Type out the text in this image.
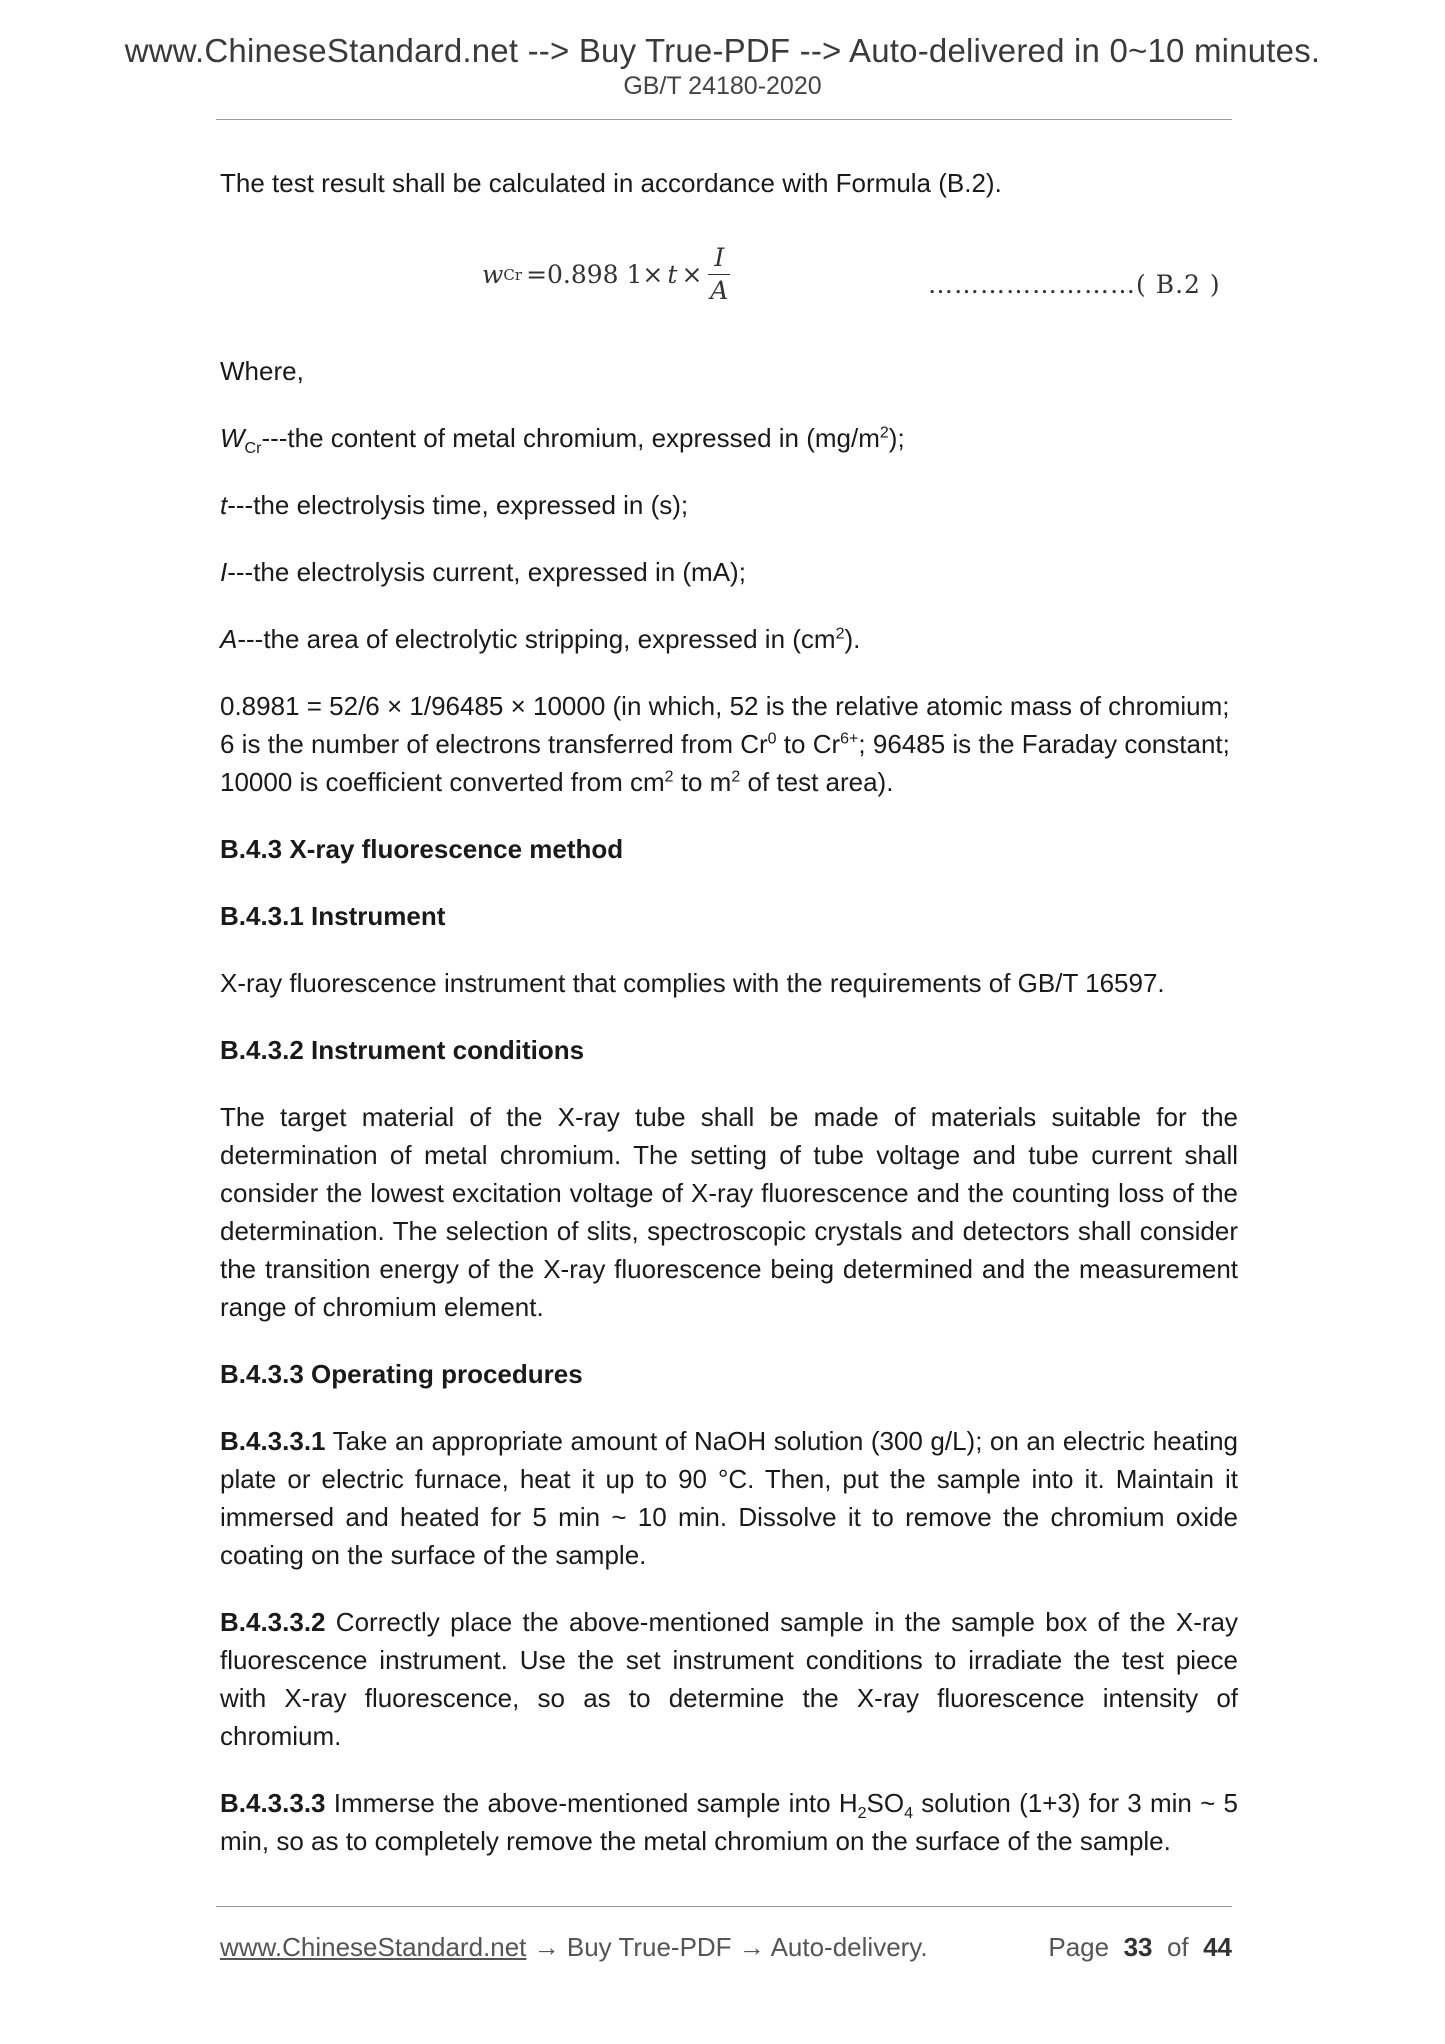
www.ChineseStandard.net --> Buy True-PDF --> Auto-delivered in 0~10 minutes.
GB/T 24180-2020

The test result shall be calculated in accordance with Formula (B.2).

w Cr =0.898 $1\times t \times \frac{I}{A}$	……………………( B.2 )

Where,

$W_{Cr}--$-the content of metal chromium, expressed in $(mg/m^2)$;

t---the electrolysis time, expressed in (s);

I---the electrolysis current, expressed in (mA);

A---the area of electrolytic stripping, expressed in $(cm^2)$.

0.8981 = 52/6 × 1/96485 × 10000 (in which, 52 is the relative atomic mass of chromium; 6 is the number of electrons transferred from Cr$^0$ to $Cr^{6+}$; 96485 is the Faraday constant; 10000 is coefficient converted from $cm^2$ to $m^2$ of test area).

B.4.3 X-ray fluorescence method

B.4.3.1 Instrument

X-ray fluorescence instrument that complies with the requirements of GB/T 16597.

B.4.3.2 Instrument conditions

The target material of the X-ray tube shall be made of materials suitable for the determination of metal chromium. The setting of tube voltage and tube current shall consider the lowest excitation voltage of X-ray fluorescence and the counting loss of the determination. The selection of slits, spectroscopic crystals and detectors shall consider the transition energy of the X-ray fluorescence being determined and the measurement range of chromium element.

B.4.3.3 Operating procedures

B.4.3.3.1 Take an appropriate amount of NaOH solution (300 g/L); on an electric heating plate or electric furnace, heat it up to 90 °C. Then, put the sample into it. Maintain it immersed and heated for 5 min ~ 10 min. Dissolve it to remove the chromium oxide coating on the surface of the sample.

B.4.3.3.2 Correctly place the above-mentioned sample in the sample box of the X-ray fluorescence instrument. Use the set instrument conditions to irradiate the test piece with X-ray fluorescence, so as to determine the X-ray fluorescence intensity of chromium.

B.4.3.3.3 Immerse the above-mentioned sample into $H_2SO_4$ solution (1+3) for 3 min ~ 5 min, so as to completely remove the metal chromium on the surface of the sample.

www.ChineseStandard.net → Buy True-PDF → Auto-delivery.	Page 33 of 44
